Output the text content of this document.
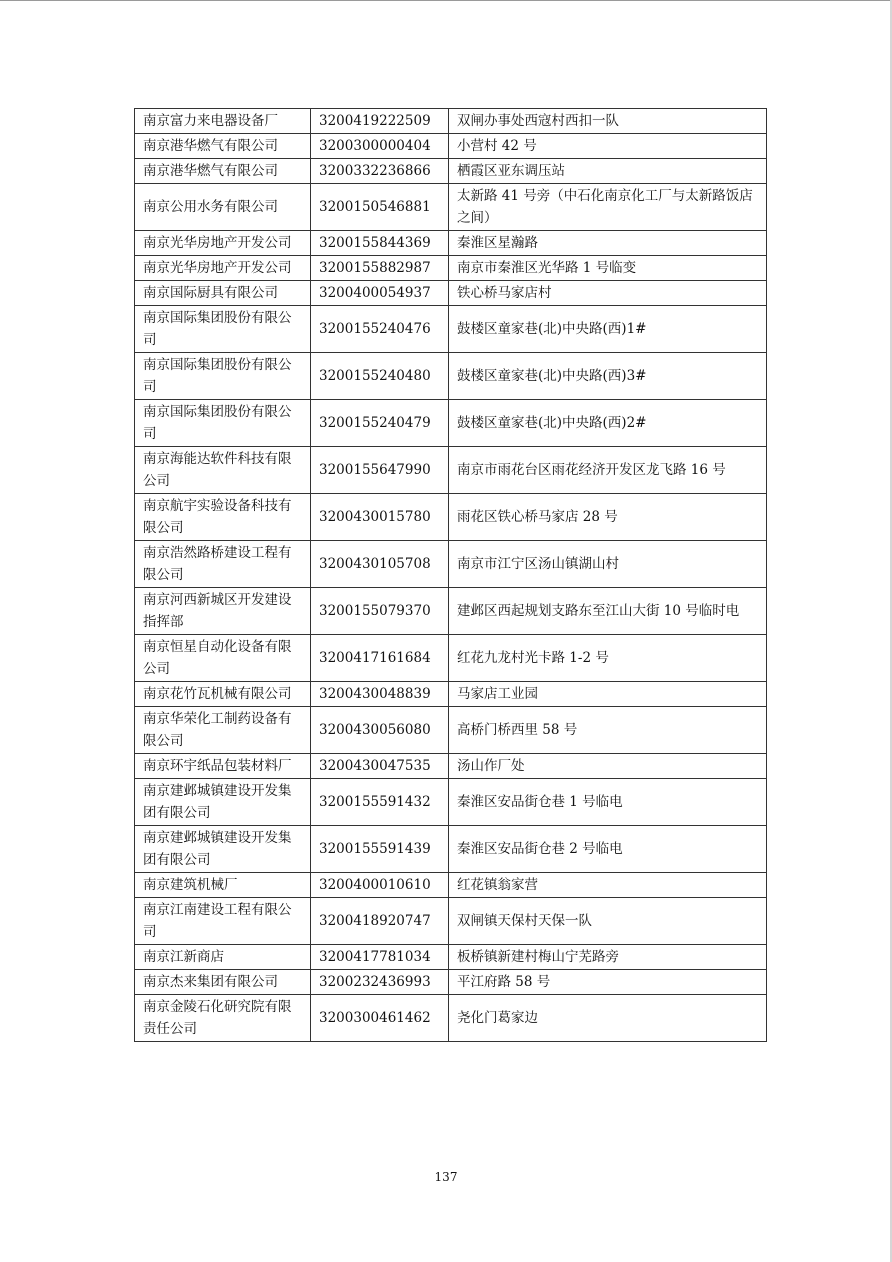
南京富力来电器设备厂	3200419222509	双闸办事处西寇村西扣一队
南京港华燃气有限公司	3200300000404	小营村 42 号
南京港华燃气有限公司	3200332236866	栖霞区亚东调压站
南京公用水务有限公司	3200150546881	太新路 41 号旁（中石化南京化工厂与太新路饭店之间）
南京光华房地产开发公司	3200155844369	秦淮区星瀚路
南京光华房地产开发公司	3200155882987	南京市秦淮区光华路 1 号临变
南京国际厨具有限公司	3200400054937	铁心桥马家店村
南京国际集团股份有限公司	3200155240476	鼓楼区童家巷(北)中央路(西)1#
南京国际集团股份有限公司	3200155240480	鼓楼区童家巷(北)中央路(西)3#
南京国际集团股份有限公司	3200155240479	鼓楼区童家巷(北)中央路(西)2#
南京海能达软件科技有限公司	3200155647990	南京市雨花台区雨花经济开发区龙飞路 16 号
南京航宇实验设备科技有限公司	3200430015780	雨花区铁心桥马家店 28 号
南京浩然路桥建设工程有限公司	3200430105708	南京市江宁区汤山镇湖山村
南京河西新城区开发建设指挥部	3200155079370	建邺区西起规划支路东至江山大街 10 号临时电
南京恒星自动化设备有限公司	3200417161684	红花九龙村光卡路 1-2 号
南京花竹瓦机械有限公司	3200430048839	马家店工业园
南京华荣化工制药设备有限公司	3200430056080	高桥门桥西里 58 号
南京环宇纸品包装材料厂	3200430047535	汤山作厂处
南京建邺城镇建设开发集团有限公司	3200155591432	秦淮区安品街仓巷 1 号临电
南京建邺城镇建设开发集团有限公司	3200155591439	秦淮区安品街仓巷 2 号临电
南京建筑机械厂	3200400010610	红花镇翁家营
南京江南建设工程有限公司	3200418920747	双闸镇天保村天保一队
南京江新商店	3200417781034	板桥镇新建村梅山宁芜路旁
南京杰来集团有限公司	3200232436993	平江府路 58 号
南京金陵石化研究院有限责任公司	3200300461462	尧化门葛家边
137
